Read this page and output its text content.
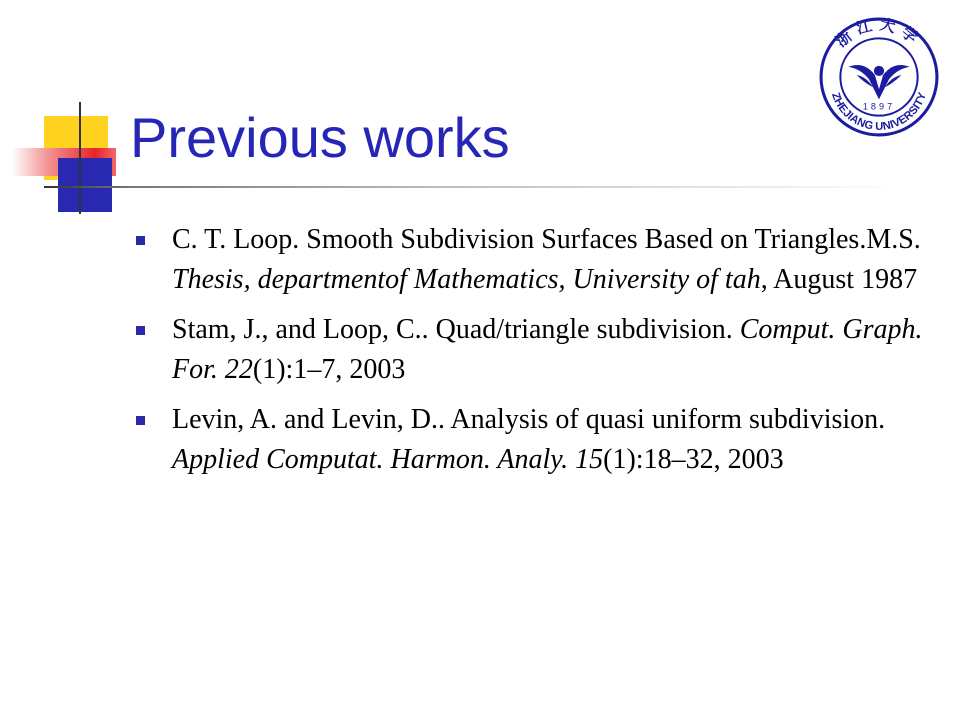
Previous works
浙江大学
ZHEJIANG UNIVERSITY
1897
C. T. Loop. Smooth Subdivision Surfaces Based on Triangles.M.S. Thesis, departmentof Mathematics, University of tah, August 1987
Stam, J., and Loop, C.. Quad/triangle subdivision. Comput. Graph. For. 22(1):1–7, 2003
Levin, A. and Levin, D.. Analysis of quasi uniform subdivision. Applied Computat. Harmon. Analy. 15(1):18–32, 2003
